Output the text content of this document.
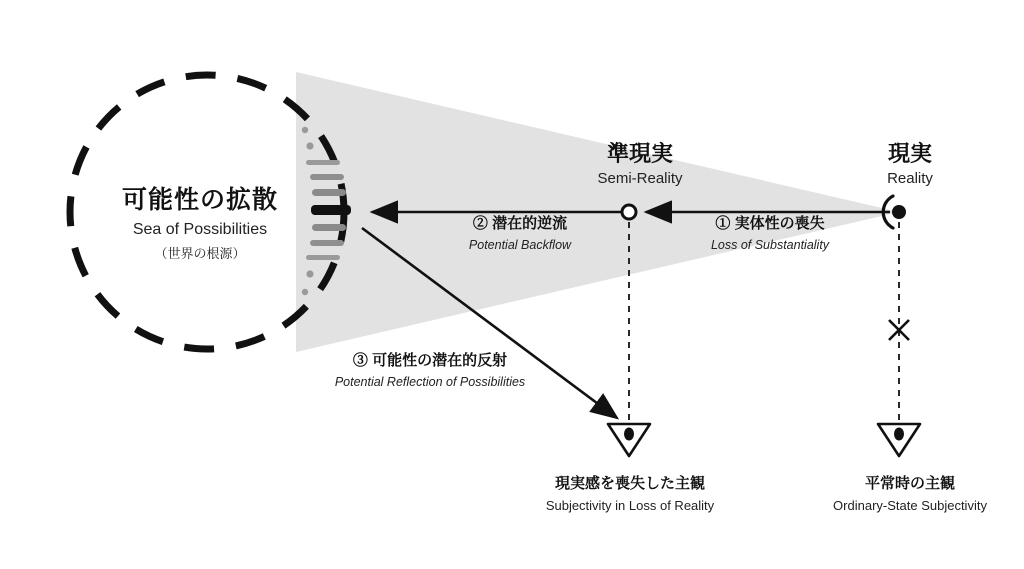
可能性の拡散
Sea of Possibilities
（世界の根源）
準現実
Semi-Reality
現実
Reality
① 実体性の喪失
Loss of Substantiality
② 潜在的逆流
Potential Backflow
③ 可能性の潜在的反射
Potential Reflection of Possibilities
現実感を喪失した主観
Subjectivity in Loss of Reality
平常時の主観
Ordinary-State Subjectivity
